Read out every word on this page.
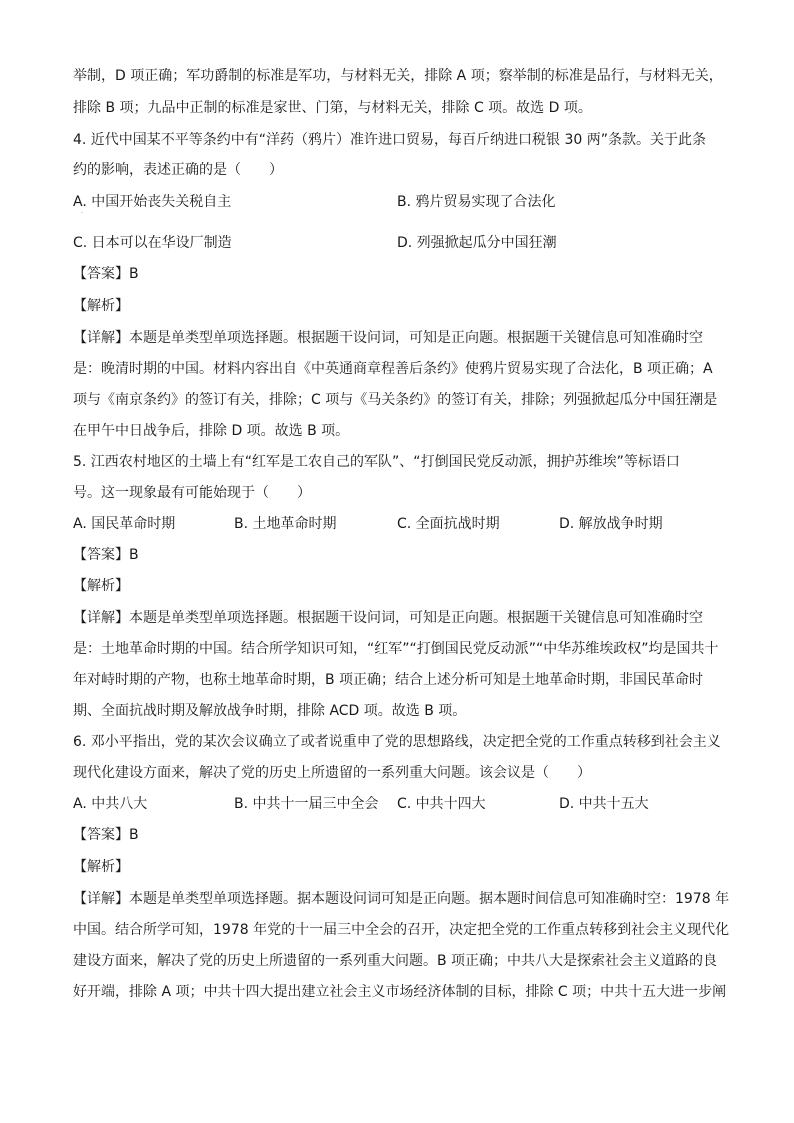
举制，D 项正确；军功爵制的标准是军功，与材料无关，排除 A 项；察举制的标准是品行，与材料无关，
排除 B 项；九品中正制的标准是家世、门第，与材料无关，排除 C 项。故选 D 项。
4. 近代中国某不平等条约中有“洋药（鸦片）准许进口贸易，每百斤纳进口税银 30 两”条款。关于此条
约的影响，表述正确的是（　　）
A. 中国开始丧失关税自主
·
B. 鸦片贸易实现了合法化
C. 日本可以在华设厂制造	D. 列强掀起瓜分中国狂潮
【答案】B
【解析】
【详解】本题是单类型单项选择题。根据题干设问词，可知是正向题。根据题干关键信息可知准确时空
是：晚清时期的中国。材料内容出自《中英通商章程善后条约》使鸦片贸易实现了合法化，B 项正确；A
项与《南京条约》的签订有关，排除；C 项与《马关条约》的签订有关，排除；列强掀起瓜分中国狂潮是
在甲午中日战争后，排除 D 项。故选 B 项。
5. 江西农村地区的土墙上有“红军是工农自己的军队”、“打倒国民党反动派，拥护苏维埃”等标语口
号。这一现象最有可能始现于（　　）
A. 国民革命时期	B. 土地革命时期	C. 全面抗战时期	D. 解放战争时期
【答案】B
【解析】
【详解】本题是单类型单项选择题。根据题干设问词，可知是正向题。根据题干关键信息可知准确时空
是：土地革命时期的中国。结合所学知识可知，“红军”“打倒国民党反动派”“中华苏维埃政权”均是国共十
年对峙时期的产物，也称土地革命时期，B 项正确；结合上述分析可知是土地革命时期，非国民革命时
期、全面抗战时期及解放战争时期，排除 ACD 项。故选 B 项。
6. 邓小平指出，党的某次会议确立了或者说重申了党的思想路线，决定把全党的工作重点转移到社会主义
现代化建设方面来，解决了党的历史上所遗留的一系列重大问题。该会议是（　　）
A. 中共八大	B. 中共十一届三中全会 C. 中共十四大	D. 中共十五大
【答案】B
【解析】
【详解】本题是单类型单项选择题。据本题设问词可知是正向题。据本题时间信息可知准确时空：1978 年
中国。结合所学可知，1978 年党的十一届三中全会的召开，决定把全党的工作重点转移到社会主义现代化
建设方面来，解决了党的历史上所遗留的一系列重大问题。B 项正确；中共八大是探索社会主义道路的良
好开端，排除 A 项；中共十四大提出建立社会主义市场经济体制的目标，排除 C 项；中共十五大进一步阐
